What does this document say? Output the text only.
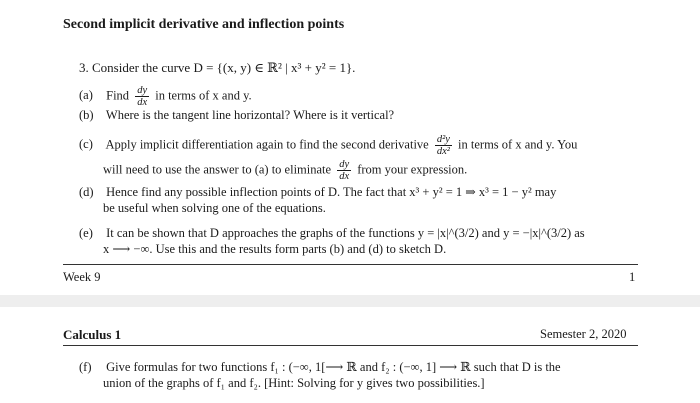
Second implicit derivative and inflection points
3. Consider the curve D = {(x, y) ∈ ℝ² | x³ + y² = 1}.
(a) Find $\frac{dy}{dx}$ in terms of x and y.
(b) Where is the tangent line horizontal? Where is it vertical?
(c) Apply implicit differentiation again to find the second derivative $\frac{\text{d²y}}{\text{dx²}}$ in terms of x and y. You
will need to use the answer to (a) to eliminate $\frac{dy}{dx}$ from your expression.
(d) Hence find any possible inflection points of D. The fact that x³ + y² = 1 ⇒ x³ = 1 − y² may
be useful when solving one of the equations.
(e) It can be shown that D approaches the graphs of the functions y = |x|^(3/2) and y = −|x|^(3/2) as
x ⟶ −∞. Use this and the results form parts (b) and (d) to sketch D.
Week 9	1
Calculus 1	Semester 2, 2020
(f) Give formulas for two functions f₁ : (−∞, 1[⟶ ℝ and f₂ : (−∞, 1] ⟶ ℝ such that D is the
union of the graphs of f₁ and f₂. [Hint: Solving for y gives two possibilities.]
